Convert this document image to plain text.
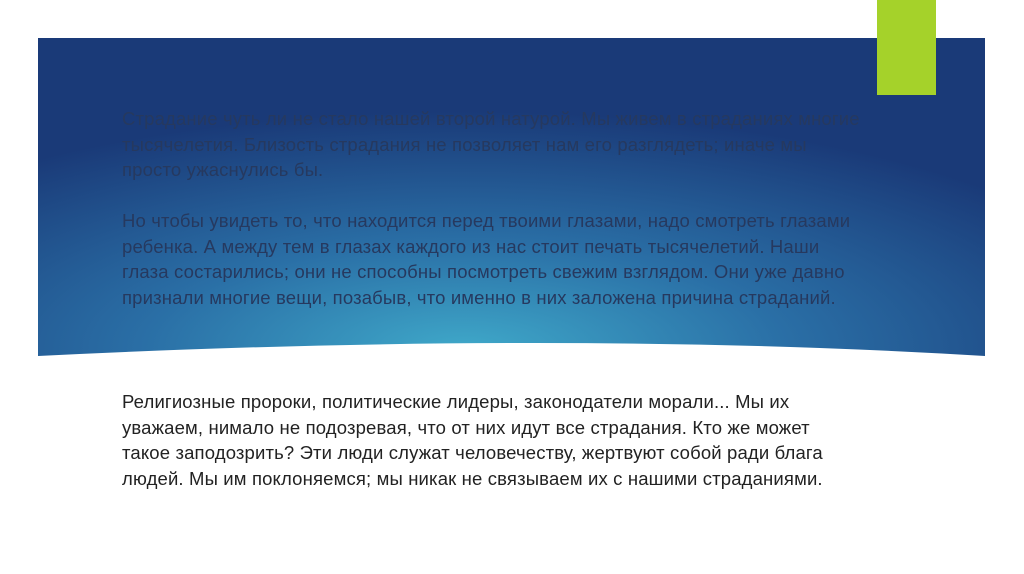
Страдание чуть ли не стало нашей второй натурой. Мы живем в страданиях многие тысячелетия. Близость страдания не позволяет нам его разглядеть; иначе мы просто ужаснулись бы.

Но чтобы увидеть то, что находится перед твоими глазами, надо смотреть глазами ребенка. А между тем в глазах каждого из нас стоит печать тысячелетий. Наши глаза состарились; они не способны посмотреть свежим взглядом. Они уже давно признали многие вещи, позабыв, что именно в них заложена причина страданий.

Религиозные пророки, политические лидеры, законодатели морали... Мы их уважаем, нимало не подозревая, что от них идут все страдания. Кто же может такое заподозрить? Эти люди служат человечеству, жертвуют собой ради блага людей. Мы им поклоняемся; мы никак не связываем их с нашими страданиями.
